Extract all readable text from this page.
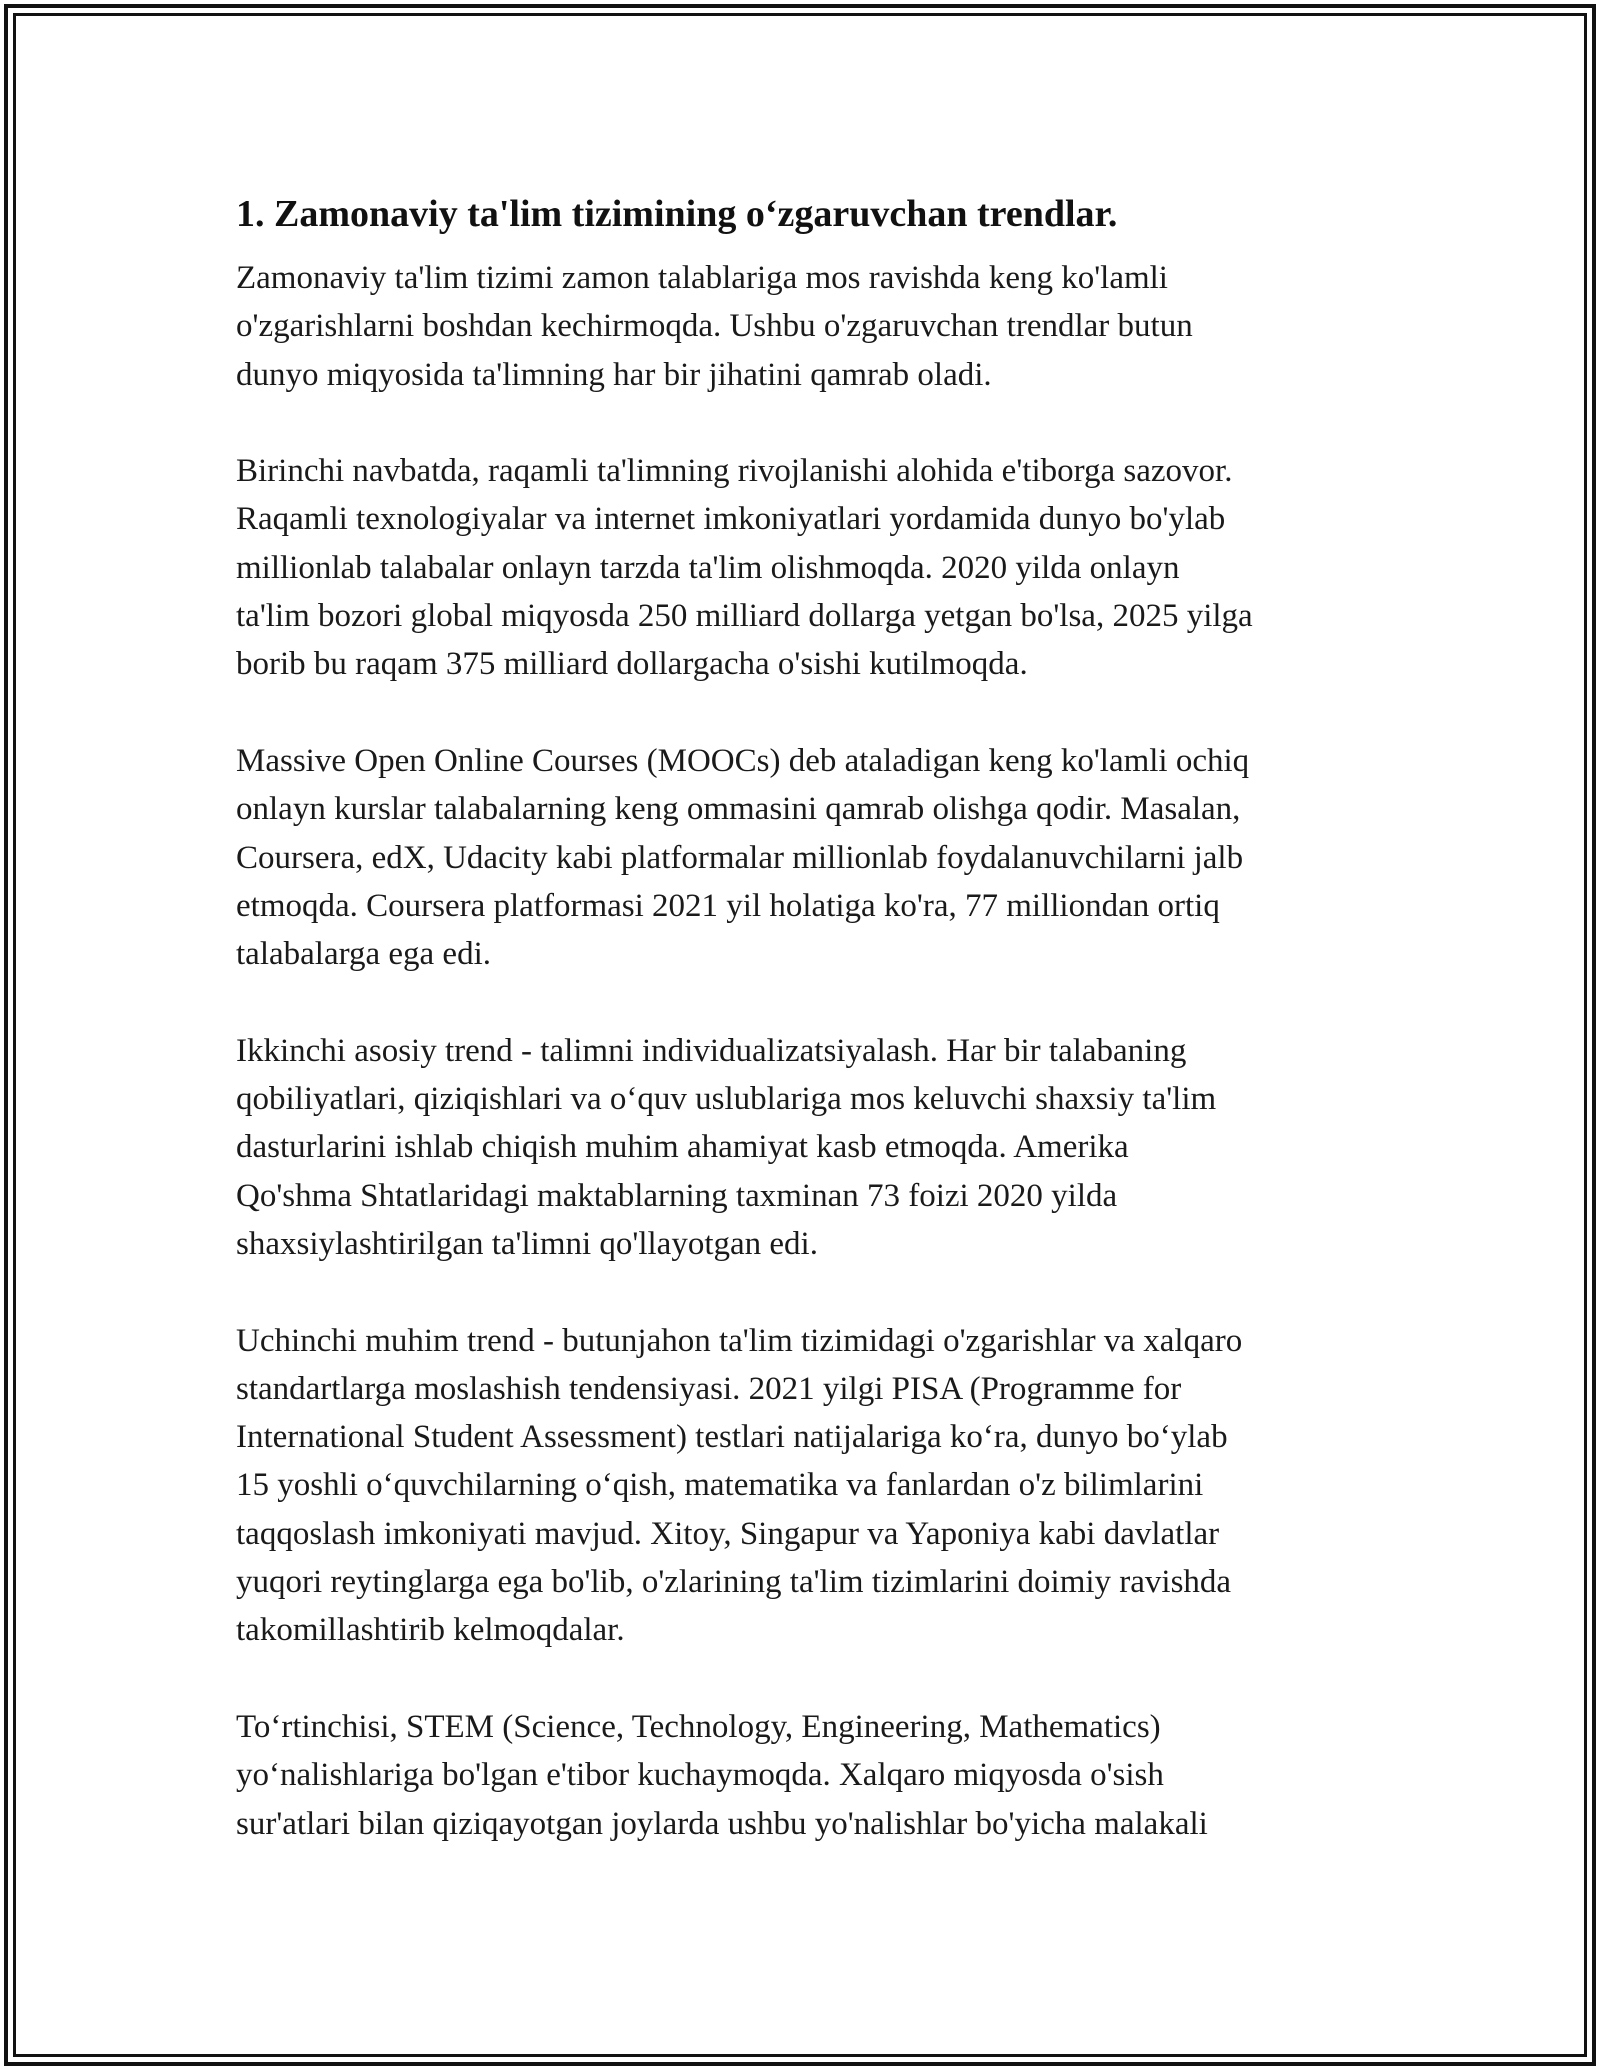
1. Zamonaviy ta'lim tizimining o‘zgaruvchan trendlar.

Zamonaviy ta'lim tizimi zamon talablariga mos ravishda keng ko'lamli
o'zgarishlarni boshdan kechirmoqda. Ushbu o'zgaruvchan trendlar butun
dunyo miqyosida ta'limning har bir jihatini qamrab oladi.

Birinchi navbatda, raqamli ta'limning rivojlanishi alohida e'tiborga sazovor.
Raqamli texnologiyalar va internet imkoniyatlari yordamida dunyo bo'ylab
millionlab talabalar onlayn tarzda ta'lim olishmoqda. 2020 yilda onlayn
ta'lim bozori global miqyosda 250 milliard dollarga yetgan bo'lsa, 2025 yilga
borib bu raqam 375 milliard dollargacha o'sishi kutilmoqda.

Massive Open Online Courses (MOOCs) deb ataladigan keng ko'lamli ochiq
onlayn kurslar talabalarning keng ommasini qamrab olishga qodir. Masalan,
Coursera, edX, Udacity kabi platformalar millionlab foydalanuvchilarni jalb
etmoqda. Coursera platformasi 2021 yil holatiga ko'ra, 77 milliondan ortiq
talabalarga ega edi.

Ikkinchi asosiy trend - talimni individualizatsiyalash. Har bir talabaning
qobiliyatlari, qiziqishlari va o‘quv uslublariga mos keluvchi shaxsiy ta'lim
dasturlarini ishlab chiqish muhim ahamiyat kasb etmoqda. Amerika
Qo'shma Shtatlaridagi maktablarning taxminan 73 foizi 2020 yilda
shaxsiylashtirilgan ta'limni qo'llayotgan edi.

Uchinchi muhim trend - butunjahon ta'lim tizimidagi o'zgarishlar va xalqaro
standartlarga moslashish tendensiyasi. 2021 yilgi PISA (Programme for
International Student Assessment) testlari natijalariga ko‘ra, dunyo bo‘ylab
15 yoshli o‘quvchilarning o‘qish, matematika va fanlardan o'z bilimlarini
taqqoslash imkoniyati mavjud. Xitoy, Singapur va Yaponiya kabi davlatlar
yuqori reytinglarga ega bo'lib, o'zlarining ta'lim tizimlarini doimiy ravishda
takomillashtirib kelmoqdalar.

To‘rtinchisi, STEM (Science, Technology, Engineering, Mathematics)
yo‘nalishlariga bo'lgan e'tibor kuchaymoqda. Xalqaro miqyosda o'sish
sur'atlari bilan qiziqayotgan joylarda ushbu yo'nalishlar bo'yicha malakali
